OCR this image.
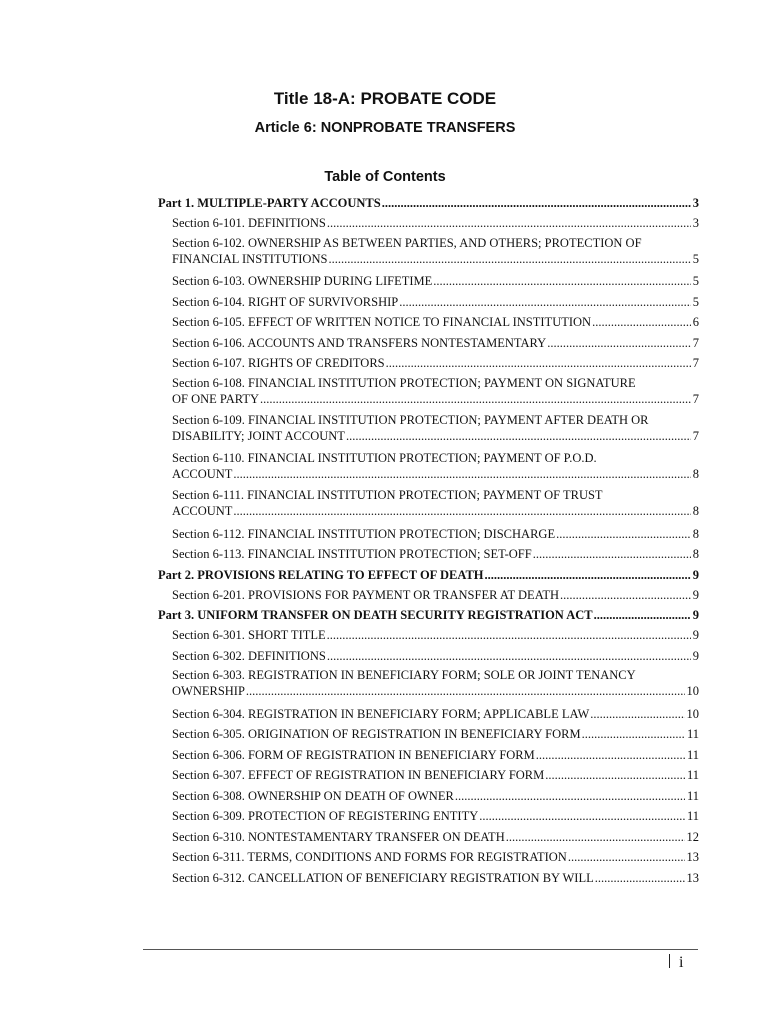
Title 18-A: PROBATE CODE
Article 6: NONPROBATE TRANSFERS
Table of Contents
Part 1. MULTIPLE-PARTY ACCOUNTS .....	3
Section 6-101. DEFINITIONS .....	3
Section 6-102. OWNERSHIP AS BETWEEN PARTIES, AND OTHERS; PROTECTION OF
FINANCIAL INSTITUTIONS .....	5
Section 6-103. OWNERSHIP DURING LIFETIME .....	5
Section 6-104. RIGHT OF SURVIVORSHIP .....	5
Section 6-105. EFFECT OF WRITTEN NOTICE TO FINANCIAL INSTITUTION .....	6
Section 6-106. ACCOUNTS AND TRANSFERS NONTESTAMENTARY .....	7
Section 6-107. RIGHTS OF CREDITORS .....	7
Section 6-108. FINANCIAL INSTITUTION PROTECTION; PAYMENT ON SIGNATURE
OF ONE PARTY .....	7
Section 6-109. FINANCIAL INSTITUTION PROTECTION; PAYMENT AFTER DEATH OR
DISABILITY; JOINT ACCOUNT .....	7
Section 6-110. FINANCIAL INSTITUTION PROTECTION; PAYMENT OF P.O.D.
ACCOUNT .....	8
Section 6-111. FINANCIAL INSTITUTION PROTECTION; PAYMENT OF TRUST
ACCOUNT .....	8
Section 6-112. FINANCIAL INSTITUTION PROTECTION; DISCHARGE .....	8
Section 6-113. FINANCIAL INSTITUTION PROTECTION; SET-OFF .....	8
Part 2. PROVISIONS RELATING TO EFFECT OF DEATH .....	9
Section 6-201. PROVISIONS FOR PAYMENT OR TRANSFER AT DEATH .....	9
Part 3. UNIFORM TRANSFER ON DEATH SECURITY REGISTRATION ACT .....	9
Section 6-301. SHORT TITLE .....	9
Section 6-302. DEFINITIONS .....	9
Section 6-303. REGISTRATION IN BENEFICIARY FORM; SOLE OR JOINT TENANCY
OWNERSHIP .....	10
Section 6-304. REGISTRATION IN BENEFICIARY FORM; APPLICABLE LAW .....	10
Section 6-305. ORIGINATION OF REGISTRATION IN BENEFICIARY FORM .....	11
Section 6-306. FORM OF REGISTRATION IN BENEFICIARY FORM .....	11
Section 6-307. EFFECT OF REGISTRATION IN BENEFICIARY FORM .....	11
Section 6-308. OWNERSHIP ON DEATH OF OWNER .....	11
Section 6-309. PROTECTION OF REGISTERING ENTITY .....	11
Section 6-310. NONTESTAMENTARY TRANSFER ON DEATH .....	12
Section 6-311. TERMS, CONDITIONS AND FORMS FOR REGISTRATION .....	13
Section 6-312. CANCELLATION OF BENEFICIARY REGISTRATION BY WILL .....	13
i
